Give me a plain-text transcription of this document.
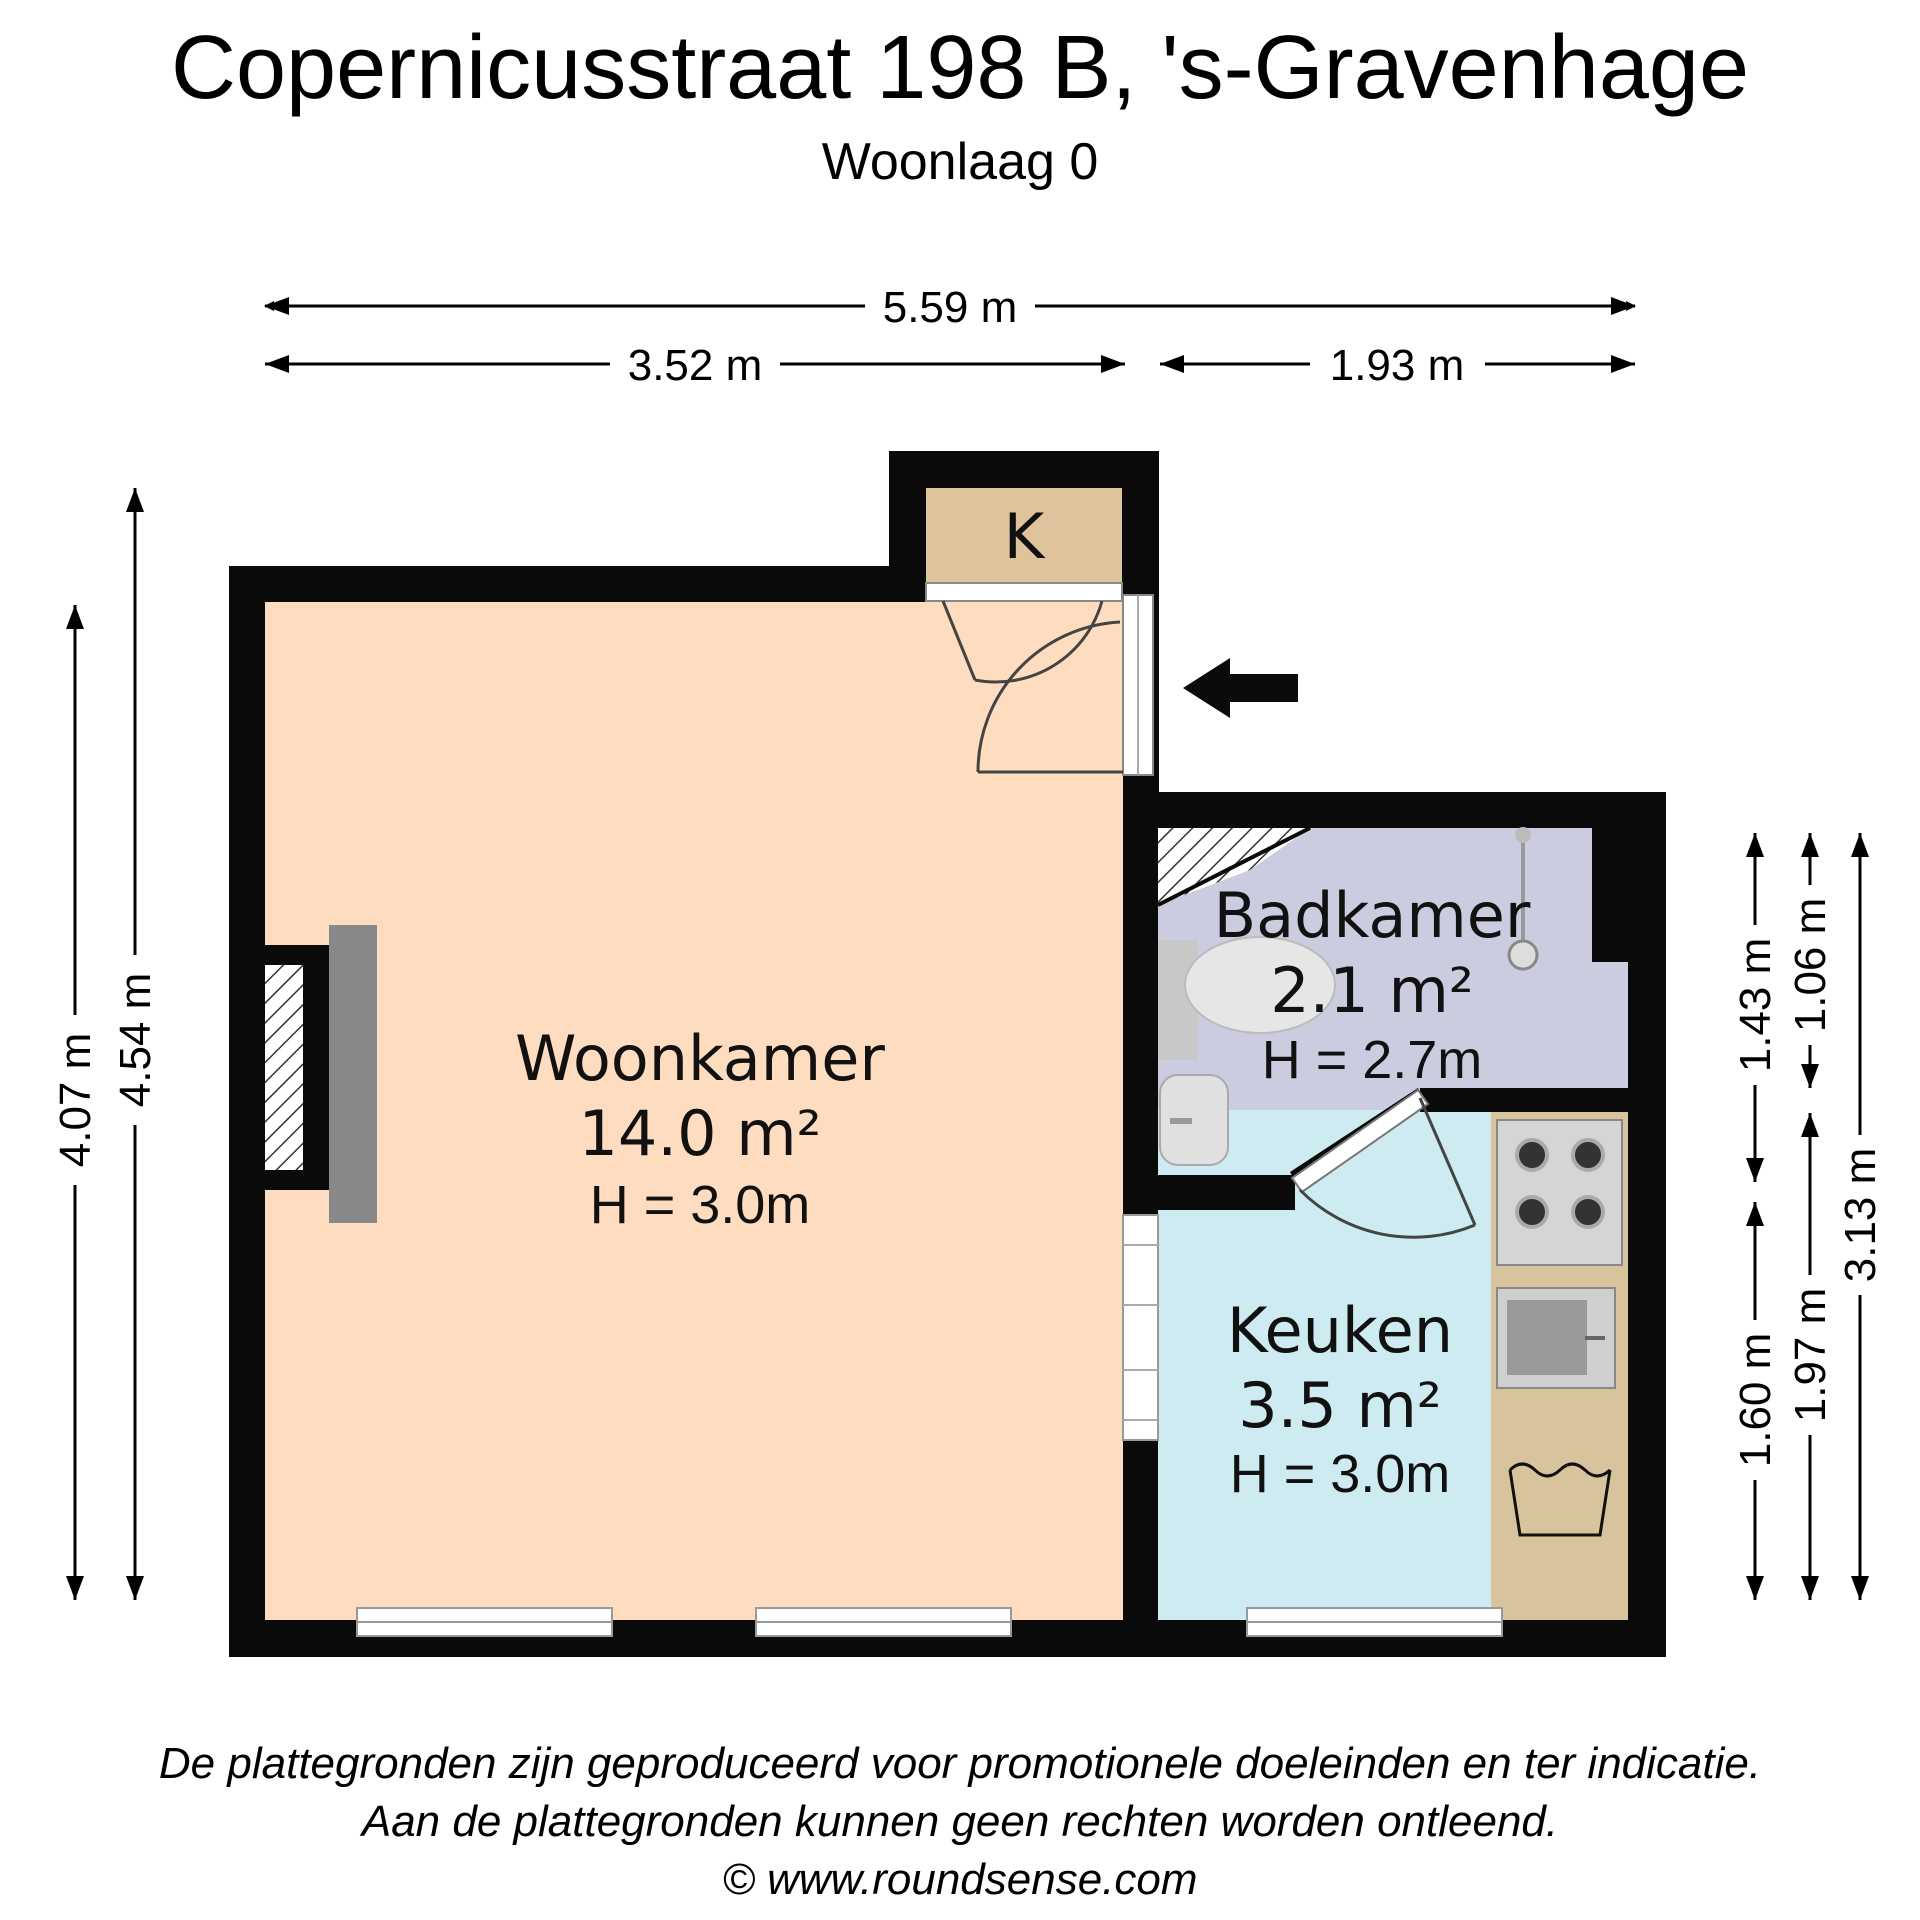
Copernicusstraat 198 B, 's-Gravenhage
Woonlaag 0
5.59 m
3.52 m	1.93 m
4.07 m 4.54 m	1.43 m
1.60 m
1.06 m
1.97 m
3.13 m
Woonkamer
14.0 m²
H = 3.0m
Badkamer
2.1 m²
H = 2.7m
Keuken
3.5 m²
H = 3.0m
K
De plattegronden zijn geproduceerd voor promotionele doeleinden en ter indicatie.
Aan de plattegronden kunnen geen rechten worden ontleend.
© www.roundsense.com
